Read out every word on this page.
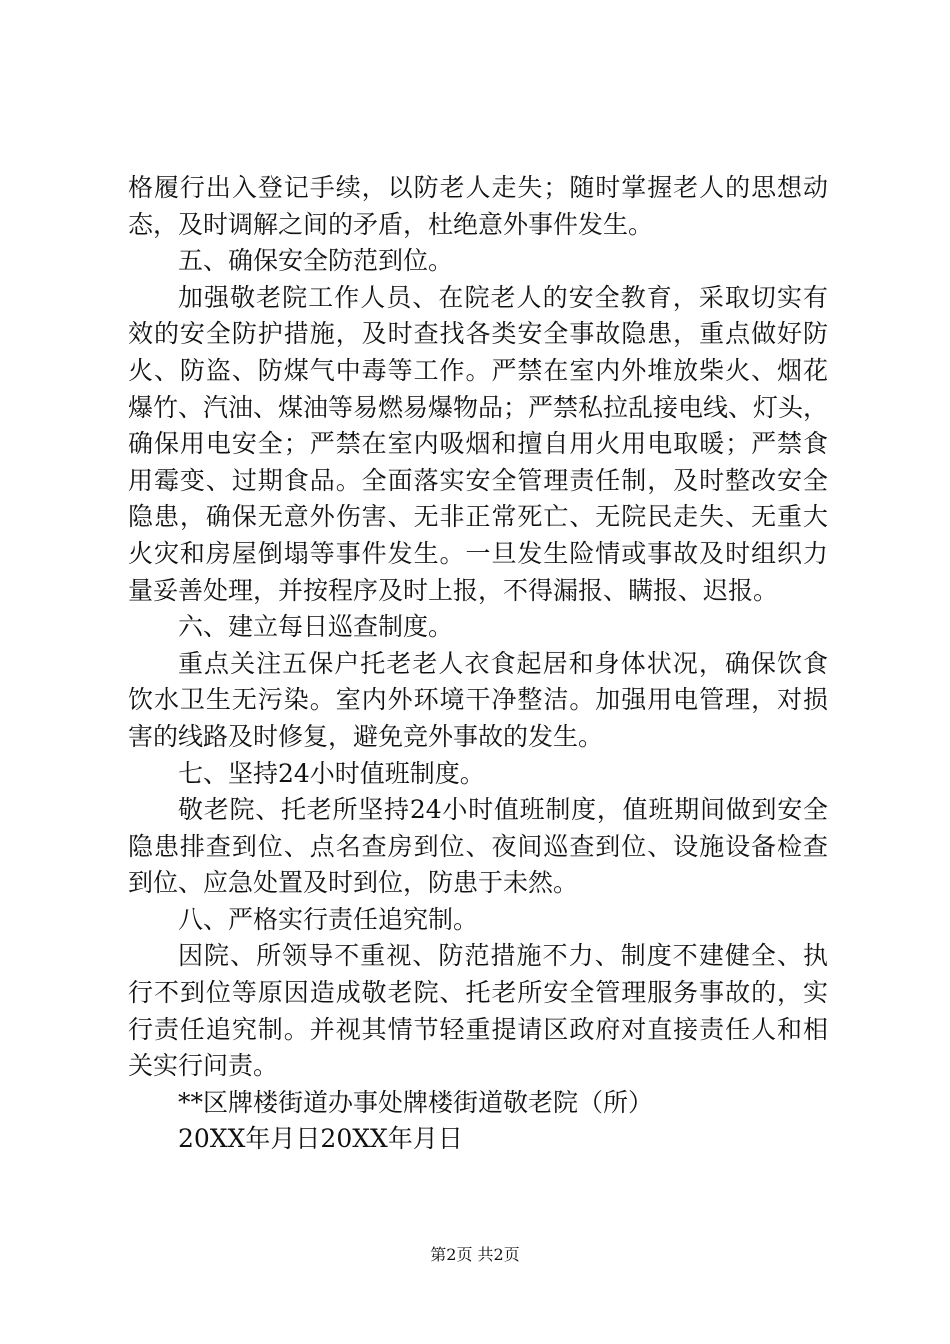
格履行出入登记手续，以防老人走失；随时掌握老人的思想动
态，及时调解之间的矛盾，杜绝意外事件发生。
五、确保安全防范到位。
加强敬老院工作人员、在院老人的安全教育，采取切实有
效的安全防护措施，及时查找各类安全事故隐患，重点做好防
火、防盗、防煤气中毒等工作。严禁在室内外堆放柴火、烟花
爆竹、汽油、煤油等易燃易爆物品；严禁私拉乱接电线、灯头，
确保用电安全；严禁在室内吸烟和擅自用火用电取暖；严禁食
用霉变、过期食品。全面落实安全管理责任制，及时整改安全
隐患，确保无意外伤害、无非正常死亡、无院民走失、无重大
火灾和房屋倒塌等事件发生。一旦发生险情或事故及时组织力
量妥善处理，并按程序及时上报，不得漏报、瞒报、迟报。
六、建立每日巡查制度。
重点关注五保户托老老人衣食起居和身体状况，确保饮食
饮水卫生无污染。室内外环境干净整洁。加强用电管理，对损
害的线路及时修复，避免竞外事故的发生。
七、坚持24小时值班制度。
敬老院、托老所坚持24小时值班制度，值班期间做到安全
隐患排查到位、点名查房到位、夜间巡查到位、设施设备检查
到位、应急处置及时到位，防患于未然。
八、严格实行责任追究制。
因院、所领导不重视、防范措施不力、制度不建健全、执
行不到位等原因造成敬老院、托老所安全管理服务事故的，实
行责任追究制。并视其情节轻重提请区政府对直接责任人和相
关实行问责。
**区牌楼街道办事处牌楼街道敬老院（所）
20XX年月日20XX年月日
第2页 共2页
